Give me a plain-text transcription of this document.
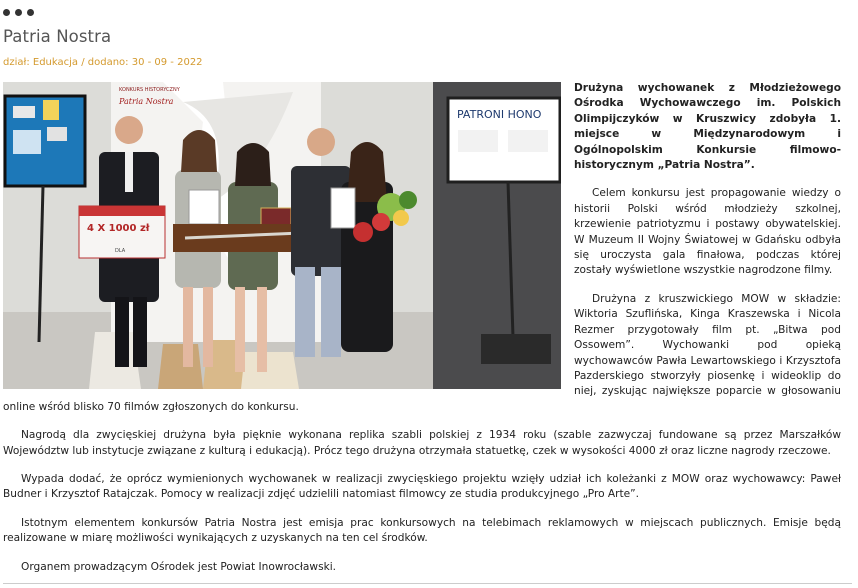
Patria Nostra
dział: Edukacja / dodano: 30 - 09 - 2022
KONKURS HISTORYCZNY
Patria Nostra
PATRONI HONO
4 X 1000 zł
DLA

Drużyna wychowanek z Młodzieżowego Ośrodka Wychowawczego im. Polskich Olimpijczyków w Kruszwicy zdobyła 1. miejsce w Międzynarodowym i Ogólnopolskim Konkursie filmowo-historycznym „Patria Nostra”.

Celem konkursu jest propagowanie wiedzy o historii Polski wśród młodzieży szkolnej, krzewienie patriotyzmu i postawy obywatelskiej. W Muzeum II Wojny Światowej w Gdańsku odbyła się uroczysta gala finałowa, podczas której zostały wyświetlone wszystkie nagrodzone filmy.

Drużyna z kruszwickiego MOW w składzie: Wiktoria Szuflińska, Kinga Kraszewska i Nicola Rezmer przygotowały film pt. „Bitwa pod Ossowem”. Wychowanki pod opieką wychowawców Pawła Lewartowskiego i Krzysztofa Pazderskiego stworzyły piosenkę i wideoklip do niej, zyskując największe poparcie w głosowaniu online wśród blisko 70 filmów zgłoszonych do konkursu.

Nagrodą dla zwycięskiej drużyna była pięknie wykonana replika szabli polskiej z 1934 roku (szable zazwyczaj fundowane są przez Marszałków Województw lub instytucje związane z kulturą i edukacją). Prócz tego drużyna otrzymała statuetkę, czek w wysokości 4000 zł oraz liczne nagrody rzeczowe.

Wypada dodać, że oprócz wymienionych wychowanek w realizacji zwycięskiego projektu wzięły udział ich koleżanki z MOW oraz wychowawcy: Paweł Budner i Krzysztof Ratajczak. Pomocy w realizacji zdjęć udzielili natomiast filmowcy ze studia produkcyjnego „Pro Arte”.

Istotnym elementem konkursów Patria Nostra jest emisja prac konkursowych na telebimach reklamowych w miejscach publicznych. Emisje będą realizowane w miarę możliwości wynikających z uzyskanych na ten cel środków.

Organem prowadzącym Ośrodek jest Powiat Inowrocławski.
